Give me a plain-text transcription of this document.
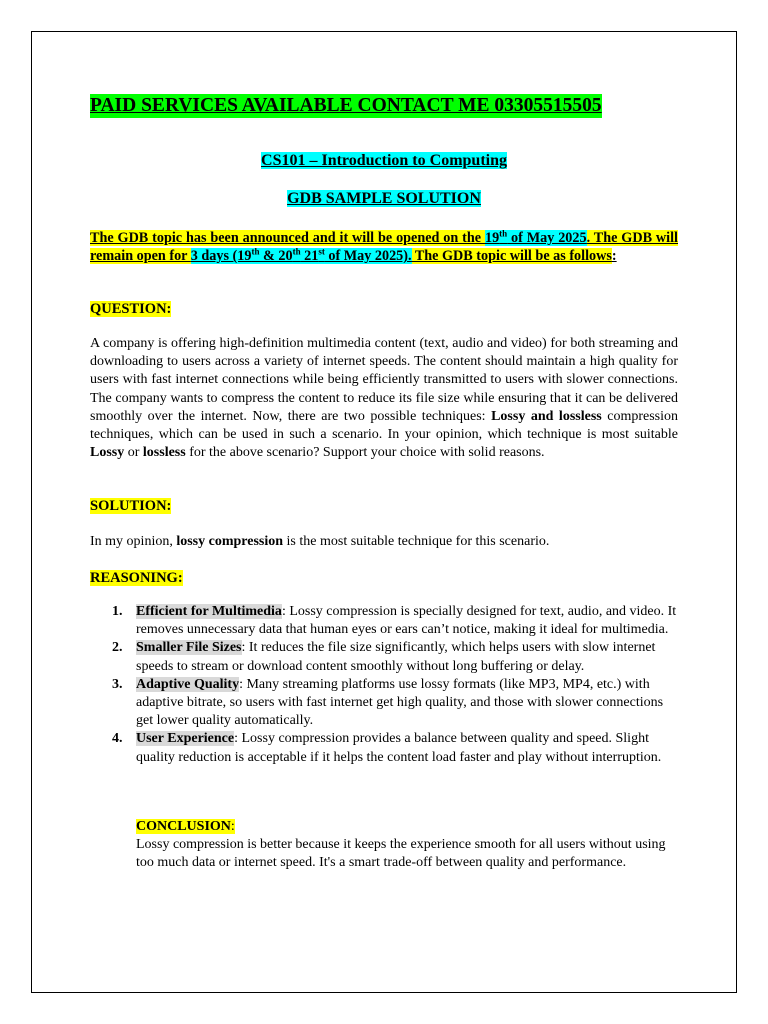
PAID SERVICES AVAILABLE CONTACT ME 03305515505
CS101 – Introduction to Computing
GDB SAMPLE SOLUTION
The GDB topic has been announced and it will be opened on the 19th of May 2025. The GDB will remain open for 3 days (19th & 20th 21st of May 2025). The GDB topic will be as follows:
QUESTION:
A company is offering high-definition multimedia content (text, audio and video) for both streaming and downloading to users across a variety of internet speeds. The content should maintain a high quality for users with fast internet connections while being efficiently transmitted to users with slower connections. The company wants to compress the content to reduce its file size while ensuring that it can be delivered smoothly over the internet. Now, there are two possible techniques: Lossy and lossless compression techniques, which can be used in such a scenario. In your opinion, which technique is most suitable Lossy or lossless for the above scenario? Support your choice with solid reasons.
SOLUTION:
In my opinion, lossy compression is the most suitable technique for this scenario.
REASONING:
1. Efficient for Multimedia: Lossy compression is specially designed for text, audio, and video. It removes unnecessary data that human eyes or ears can’t notice, making it ideal for multimedia.
2. Smaller File Sizes: It reduces the file size significantly, which helps users with slow internet speeds to stream or download content smoothly without long buffering or delay.
3. Adaptive Quality: Many streaming platforms use lossy formats (like MP3, MP4, etc.) with adaptive bitrate, so users with fast internet get high quality, and those with slower connections get lower quality automatically.
4. User Experience: Lossy compression provides a balance between quality and speed. Slight quality reduction is acceptable if it helps the content load faster and play without interruption.
CONCLUSION:
Lossy compression is better because it keeps the experience smooth for all users without using too much data or internet speed. It's a smart trade-off between quality and performance.
